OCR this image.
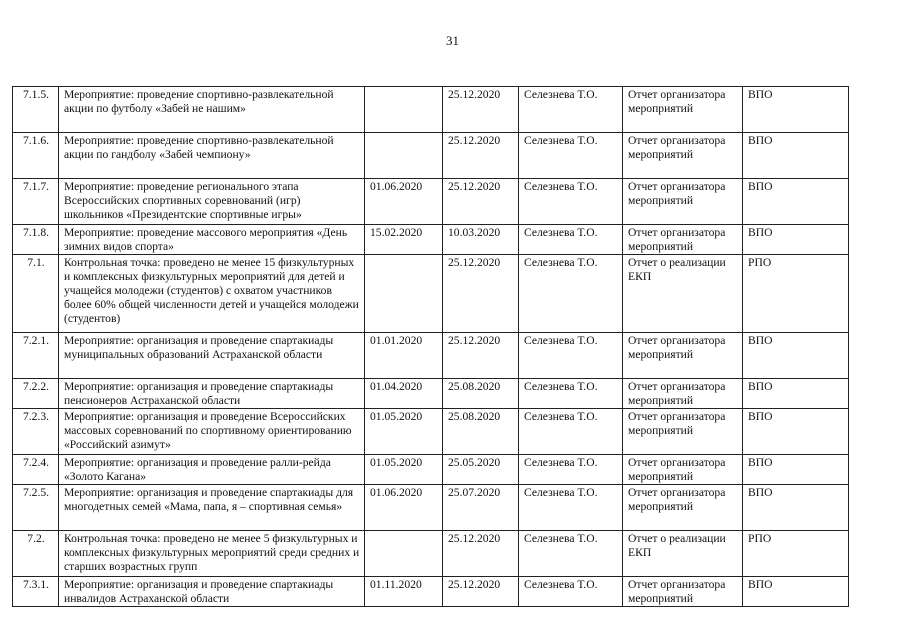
31
7.1.5.	Мероприятие: проведение спортивно-развлекательной акции по футболу «Забей не нашим»		25.12.2020	Селезнева Т.О.	Отчет организатора мероприятий	ВПО
7.1.6.	Мероприятие: проведение спортивно-развлекательной акции по гандболу «Забей чемпиону»		25.12.2020	Селезнева Т.О.	Отчет организатора мероприятий	ВПО
7.1.7.	Мероприятие: проведение регионального этапа Всероссийских спортивных соревнований (игр) школьников «Президентские спортивные игры»	01.06.2020	25.12.2020	Селезнева Т.О.	Отчет организатора мероприятий	ВПО
7.1.8.	Мероприятие: проведение массового мероприятия «День зимних видов спорта»	15.02.2020	10.03.2020	Селезнева Т.О.	Отчет организатора мероприятий	ВПО
7.1.	Контрольная точка: проведено не менее 15 физкультурных и комплексных физкультурных мероприятий для детей и учащейся молодежи (студентов) с охватом участников более 60% общей численности детей и учащейся молодежи (студентов)		25.12.2020	Селезнева Т.О.	Отчет о реализации ЕКП	РПО
7.2.1.	Мероприятие: организация и проведение спартакиады муниципальных образований Астраханской области	01.01.2020	25.12.2020	Селезнева Т.О.	Отчет организатора мероприятий	ВПО
7.2.2.	Мероприятие: организация и проведение спартакиады пенсионеров Астраханской области	01.04.2020	25.08.2020	Селезнева Т.О.	Отчет организатора мероприятий	ВПО
7.2.3.	Мероприятие: организация и проведение Всероссийских массовых соревнований по спортивному ориентированию «Российский азимут»	01.05.2020	25.08.2020	Селезнева Т.О.	Отчет организатора мероприятий	ВПО
7.2.4.	Мероприятие: организация и проведение ралли-рейда «Золото Кагана»	01.05.2020	25.05.2020	Селезнева Т.О.	Отчет организатора мероприятий	ВПО
7.2.5.	Мероприятие: организация и проведение спартакиады для многодетных семей «Мама, папа, я – спортивная семья»	01.06.2020	25.07.2020	Селезнева Т.О.	Отчет организатора мероприятий	ВПО
7.2.	Контрольная точка: проведено не менее 5 физкультурных и комплексных физкультурных мероприятий среди средних и старших возрастных групп		25.12.2020	Селезнева Т.О.	Отчет о реализации ЕКП	РПО
7.3.1.	Мероприятие: организация и проведение спартакиады инвалидов Астраханской области	01.11.2020	25.12.2020	Селезнева Т.О.	Отчет организатора мероприятий	ВПО
